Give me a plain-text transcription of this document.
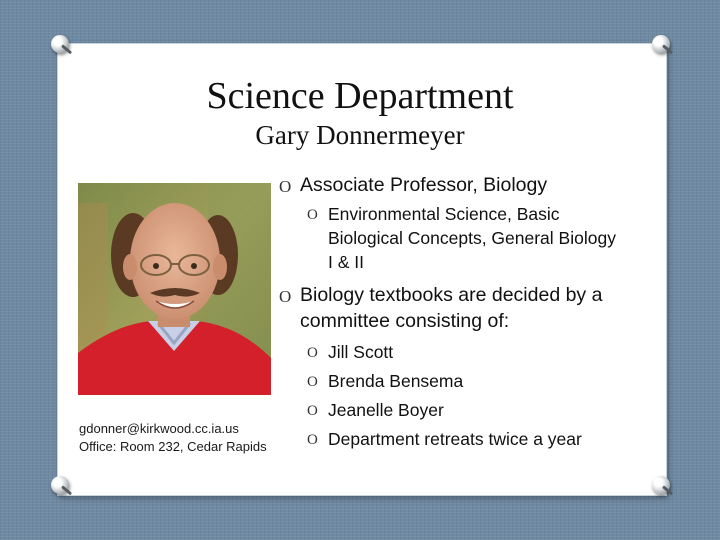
Science Department
Gary Donnermeyer
gdonner@kirkwood.cc.ia.us
Office: Room 232, Cedar Rapids
O Associate Professor, Biology
O Environmental Science, Basic Biological Concepts, General Biology I & II
O Biology textbooks are decided by a committee consisting of:
O Jill Scott
O Brenda Bensema
O Jeanelle Boyer
O Department retreats twice a year
